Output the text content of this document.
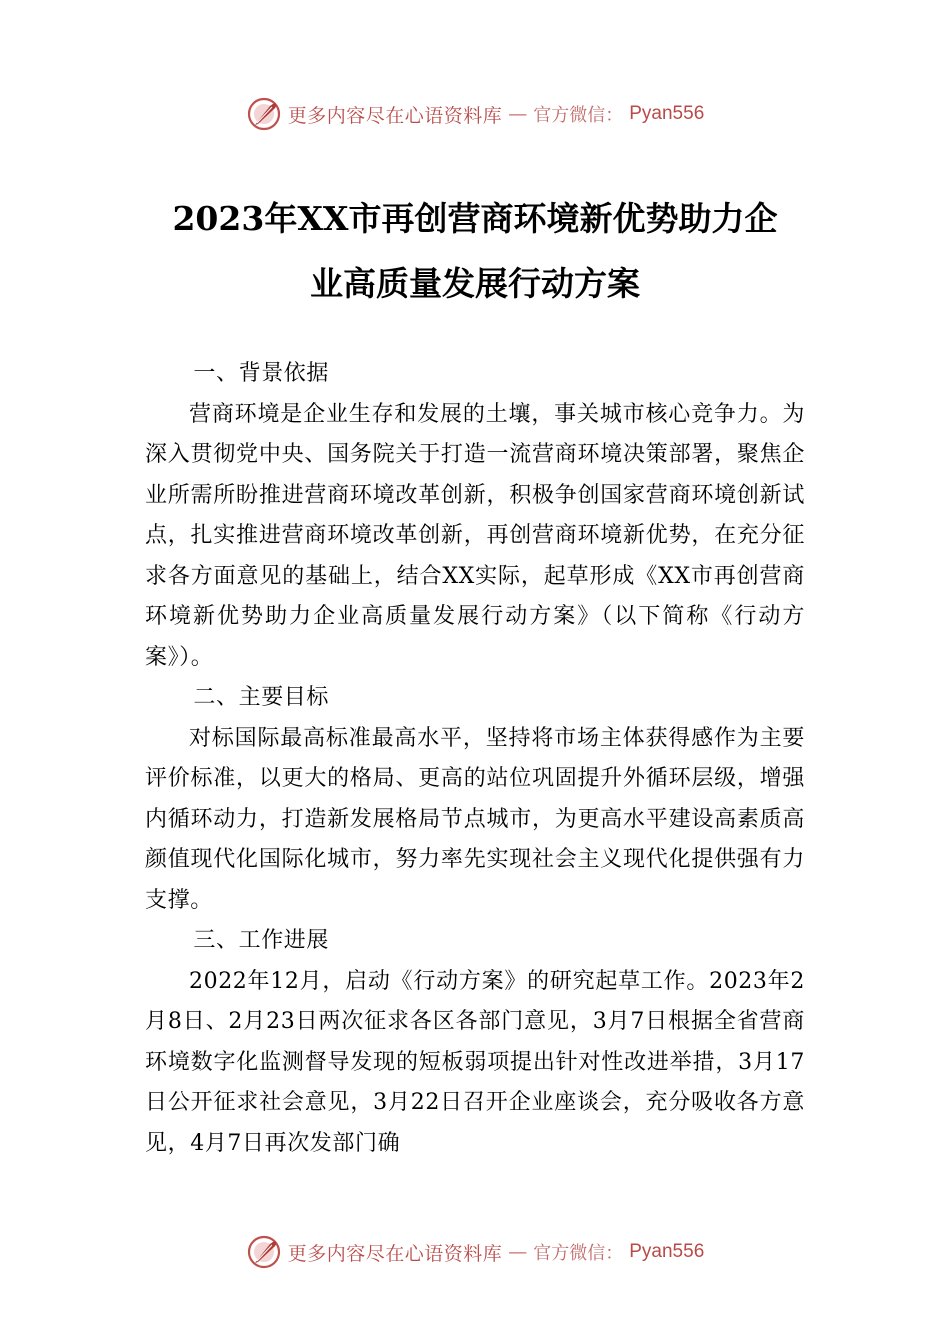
更多内容尽在心语资料库 — 官方微信： Pyan556
2023年XX市再创营商环境新优势助力企
业高质量发展行动方案

一、背景依据

营商环境是企业生存和发展的土壤，事关城市核心竞争力。为深入贯彻党中央、国务院关于打造一流营商环境决策部署，聚焦企业所需所盼推进营商环境改革创新，积极争创国家营商环境创新试点，扎实推进营商环境改革创新，再创营商环境新优势，在充分征求各方面意见的基础上，结合XX实际，起草形成《XX市再创营商环境新优势助力企业高质量发展行动方案》（以下简称《行动方案》）。

二、主要目标

对标国际最高标准最高水平，坚持将市场主体获得感作为主要评价标准，以更大的格局、更高的站位巩固提升外循环层级，增强内循环动力，打造新发展格局节点城市，为更高水平建设高素质高颜值现代化国际化城市，努力率先实现社会主义现代化提供强有力支撑。

三、工作进展

2022年12月，启动《行动方案》的研究起草工作。2023年2月8日、2月23日两次征求各区各部门意见，3月7日根据全省营商环境数字化监测督导发现的短板弱项提出针对性改进举措，3月17日公开征求社会意见，3月22日召开企业座谈会，充分吸收各方意见，4月7日再次发部门确

更多内容尽在心语资料库 — 官方微信： Pyan556
